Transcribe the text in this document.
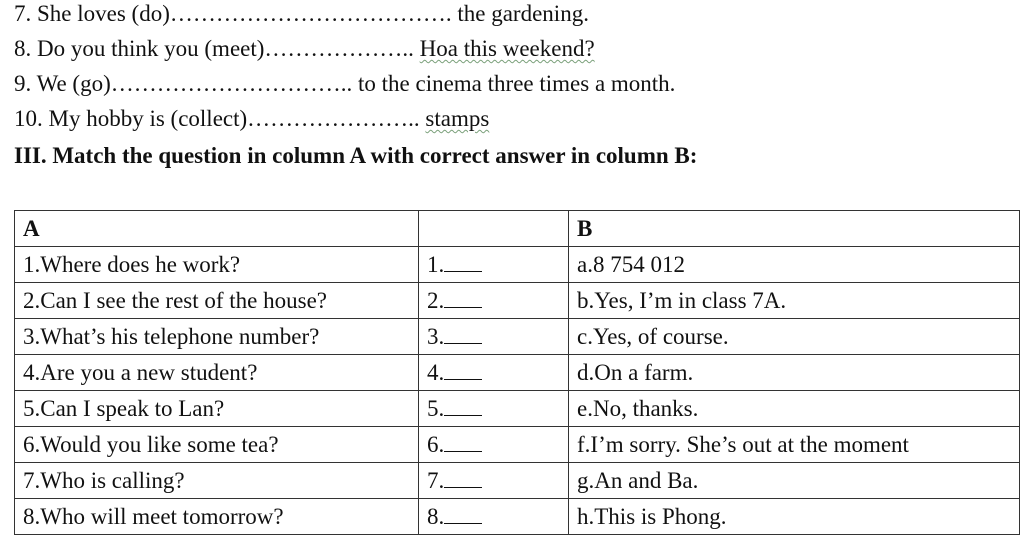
7. She loves (do)………………………………. the gardening.
8. Do you think you (meet)……………….. Hoa this weekend?
9. We (go)………………………….. to the cinema three times a month.
10. My hobby is (collect)………………….. stamps
III. Match the question in column A with correct answer in column B:
A		B
1.Where does he work?	1.	a.8 754 012
2.Can I see the rest of the house?	2.	b.Yes, I’m in class 7A.
3.What’s his telephone number?	3.	c.Yes, of course.
4.Are you a new student?	4.	d.On a farm.
5.Can I speak to Lan?	5.	e.No, thanks.
6.Would you like some tea?	6.	f.I’m sorry. She’s out at the moment
7.Who is calling?	7.	g.An and Ba.
8.Who will meet tomorrow?	8.	h.This is Phong.
